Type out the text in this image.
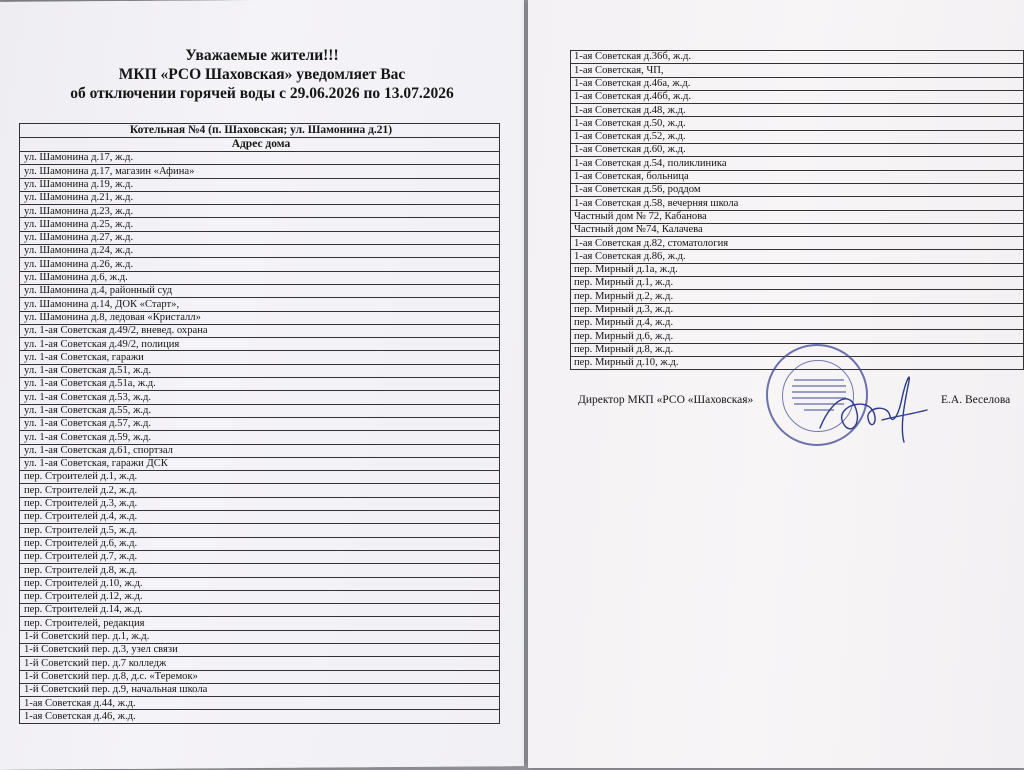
Уважаемые жители!!!
МКП «РСО Шаховская» уведомляет Вас
об отключении горячей воды с 29.06.2026 по 13.07.2026
Котельная №4 (п. Шаховская; ул. Шамонина д.21)
Адрес дома
ул. Шамонина д.17, ж.д.
ул. Шамонина д.17, магазин «Афина»
ул. Шамонина д.19, ж.д.
ул. Шамонина д.21, ж.д.
ул. Шамонина д.23, ж.д.
ул. Шамонина д.25, ж.д.
ул. Шамонина д.27, ж.д.
ул. Шамонина д.24, ж.д.
ул. Шамонина д.26, ж.д.
ул. Шамонина д.6, ж.д.
ул. Шамонина д.4, районный суд
ул. Шамонина д.14, ДОК «Старт»,
ул. Шамонина д.8, ледовая «Кристалл»
ул. 1-ая Советская д.49/2, вневед. охрана
ул. 1-ая Советская д.49/2, полиция
ул. 1-ая Советская, гаражи
ул. 1-ая Советская д.51, ж.д.
ул. 1-ая Советская д.51а, ж.д.
ул. 1-ая Советская д.53, ж.д.
ул. 1-ая Советская д.55, ж.д.
ул. 1-ая Советская д.57, ж.д.
ул. 1-ая Советская д.59, ж.д.
ул. 1-ая Советская д.61, спортзал
ул. 1-ая Советская, гаражи ДСК
пер. Строителей д.1, ж.д.
пер. Строителей д.2, ж.д.
пер. Строителей д.3, ж.д.
пер. Строителей д.4, ж.д.
пер. Строителей д.5, ж.д.
пер. Строителей д.6, ж.д.
пер. Строителей д.7, ж.д.
пер. Строителей д.8, ж.д.
пер. Строителей д.10, ж.д.
пер. Строителей д.12, ж.д.
пер. Строителей д.14, ж.д.
пер. Строителей, редакция
1-й Советский пер. д.1, ж.д.
1-й Советский пер. д.3, узел связи
1-й Советский пер. д.7 колледж
1-й Советский пер. д.8, д.с. «Теремок»
1-й Советский пер. д.9, начальная школа
1-ая Советская д.44, ж.д.
1-ая Советская д.46, ж.д.
1-ая Советская д.36б, ж.д.
1-ая Советская, ЧП,
1-ая Советская д.46а, ж.д.
1-ая Советская д.46б, ж.д.
1-ая Советская д.48, ж.д.
1-ая Советская д.50, ж.д.
1-ая Советская д.52, ж.д.
1-ая Советская д.60, ж.д.
1-ая Советская д.54, поликлиника
1-ая Советская, больница
1-ая Советская д.56, роддом
1-ая Советская д.58, вечерняя школа
Частный дом № 72, Кабанова
Частный дом №74, Калачева
1-ая Советская д.82, стоматология
1-ая Советская д.86, ж.д.
пер. Мирный д.1а, ж.д.
пер. Мирный д.1, ж.д.
пер. Мирный д.2, ж.д.
пер. Мирный д.3, ж.д.
пер. Мирный д.4, ж.д.
пер. Мирный д.6, ж.д.
пер. Мирный д.8, ж.д.
пер. Мирный д.10, ж.д.
Директор МКП «РСО «Шаховская»	Е.А. Веселова
